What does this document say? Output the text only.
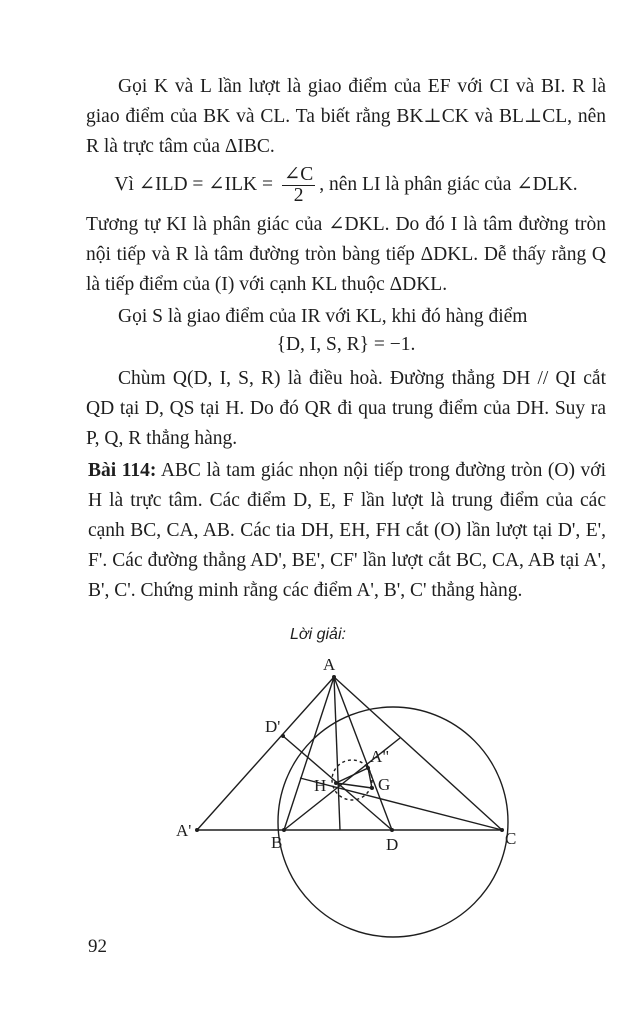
Gọi K và L lần lượt là giao điểm của EF với CI và BI. R là giao điểm của BK và CL. Ta biết rằng BK⊥CK và BL⊥CL, nên R là trực tâm của ΔIBC.

Vì ∠ILD = ∠ILK = $\frac{\angle C}{2}$ , nên LI là phân giác của ∠DLK.

Tương tự KI là phân giác của ∠DKL. Do đó I là tâm đường tròn nội tiếp và R là tâm đường tròn bàng tiếp ΔDKL. Dễ thấy rằng Q là tiếp điểm của (I) với cạnh KL thuộc ΔDKL.

Gọi S là giao điểm của IR với KL, khi đó hàng điểm

{D, I, S, R} = −1.

Chùm Q(D, I, S, R) là điều hoà. Đường thẳng DH // QI cắt QD tại D, QS tại H. Do đó QR đi qua trung điểm của DH. Suy ra P, Q, R thẳng hàng.

Bài 114: ABC là tam giác nhọn nội tiếp trong đường tròn (O) với H là trực tâm. Các điểm D, E, F lần lượt là trung điểm của các cạnh BC, CA, AB. Các tia DH, EH, FH cắt (O) lần lượt tại D', E', F'. Các đường thẳng AD', BE', CF' lần lượt cắt BC, CA, AB tại A', B', C'. Chứng minh rằng các điểm A', B', C' thẳng hàng.

Lời giải:
A
D'
A"
H	G
A'
B	D	C
92
